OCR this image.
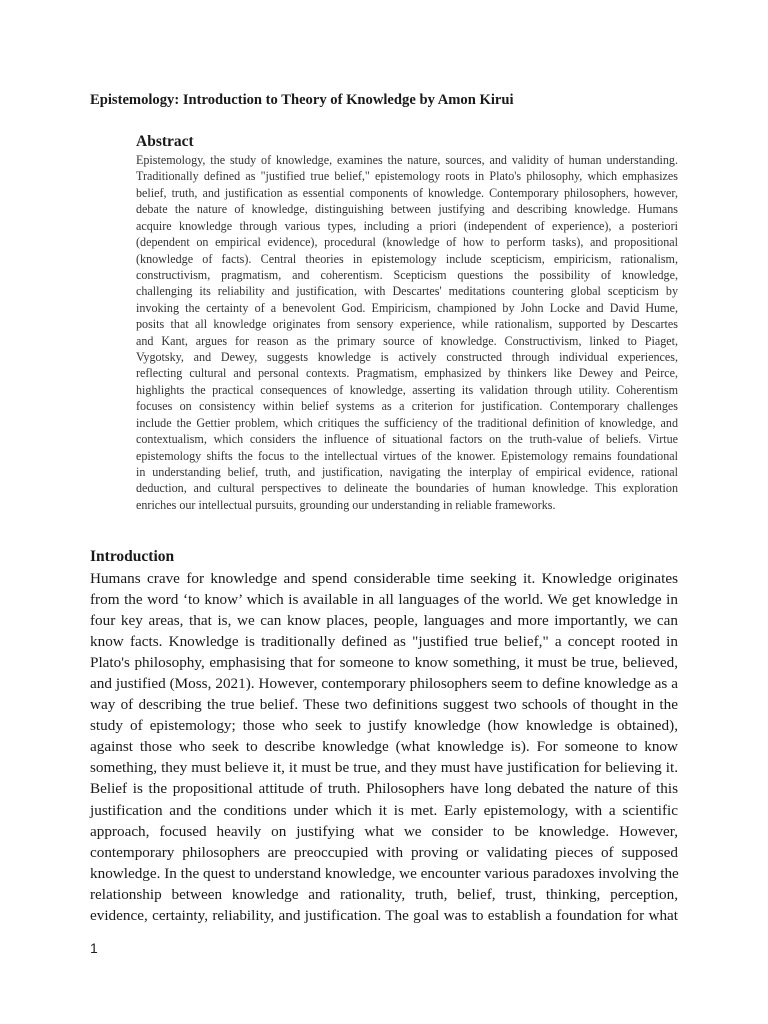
Epistemology: Introduction to Theory of Knowledge by Amon Kirui
Abstract
Epistemology, the study of knowledge, examines the nature, sources, and validity of human understanding.
Traditionally defined as "justified true belief," epistemology roots in Plato's philosophy, which emphasizes
belief, truth, and justification as essential components of knowledge. Contemporary philosophers, however,
debate the nature of knowledge, distinguishing between justifying and describing knowledge. Humans
acquire knowledge through various types, including a priori (independent of experience), a posteriori
(dependent on empirical evidence), procedural (knowledge of how to perform tasks), and propositional
(knowledge of facts). Central theories in epistemology include scepticism, empiricism, rationalism,
constructivism, pragmatism, and coherentism. Scepticism questions the possibility of knowledge,
challenging its reliability and justification, with Descartes' meditations countering global scepticism by
invoking the certainty of a benevolent God. Empiricism, championed by John Locke and David Hume,
posits that all knowledge originates from sensory experience, while rationalism, supported by Descartes
and Kant, argues for reason as the primary source of knowledge. Constructivism, linked to Piaget,
Vygotsky, and Dewey, suggests knowledge is actively constructed through individual experiences,
reflecting cultural and personal contexts. Pragmatism, emphasized by thinkers like Dewey and Peirce,
highlights the practical consequences of knowledge, asserting its validation through utility. Coherentism
focuses on consistency within belief systems as a criterion for justification. Contemporary challenges
include the Gettier problem, which critiques the sufficiency of the traditional definition of knowledge, and
contextualism, which considers the influence of situational factors on the truth-value of beliefs. Virtue
epistemology shifts the focus to the intellectual virtues of the knower. Epistemology remains foundational
in understanding belief, truth, and justification, navigating the interplay of empirical evidence, rational
deduction, and cultural perspectives to delineate the boundaries of human knowledge. This exploration
enriches our intellectual pursuits, grounding our understanding in reliable frameworks.
Introduction
Humans crave for knowledge and spend considerable time seeking it. Knowledge originates
from the word ‘to know’ which is available in all languages of the world. We get knowledge in
four key areas, that is, we can know places, people, languages and more importantly, we can
know facts. Knowledge is traditionally defined as "justified true belief," a concept rooted in
Plato's philosophy, emphasising that for someone to know something, it must be true, believed,
and justified (Moss, 2021). However, contemporary philosophers seem to define knowledge as a
way of describing the true belief. These two definitions suggest two schools of thought in the
study of epistemology; those who seek to justify knowledge (how knowledge is obtained),
against those who seek to describe knowledge (what knowledge is). For someone to know
something, they must believe it, it must be true, and they must have justification for believing it.
Belief is the propositional attitude of truth. Philosophers have long debated the nature of this
justification and the conditions under which it is met. Early epistemology, with a scientific
approach, focused heavily on justifying what we consider to be knowledge. However,
contemporary philosophers are preoccupied with proving or validating pieces of supposed
knowledge. In the quest to understand knowledge, we encounter various paradoxes involving the
relationship between knowledge and rationality, truth, belief, trust, thinking, perception,
evidence, certainty, reliability, and justification. The goal was to establish a foundation for what
1
